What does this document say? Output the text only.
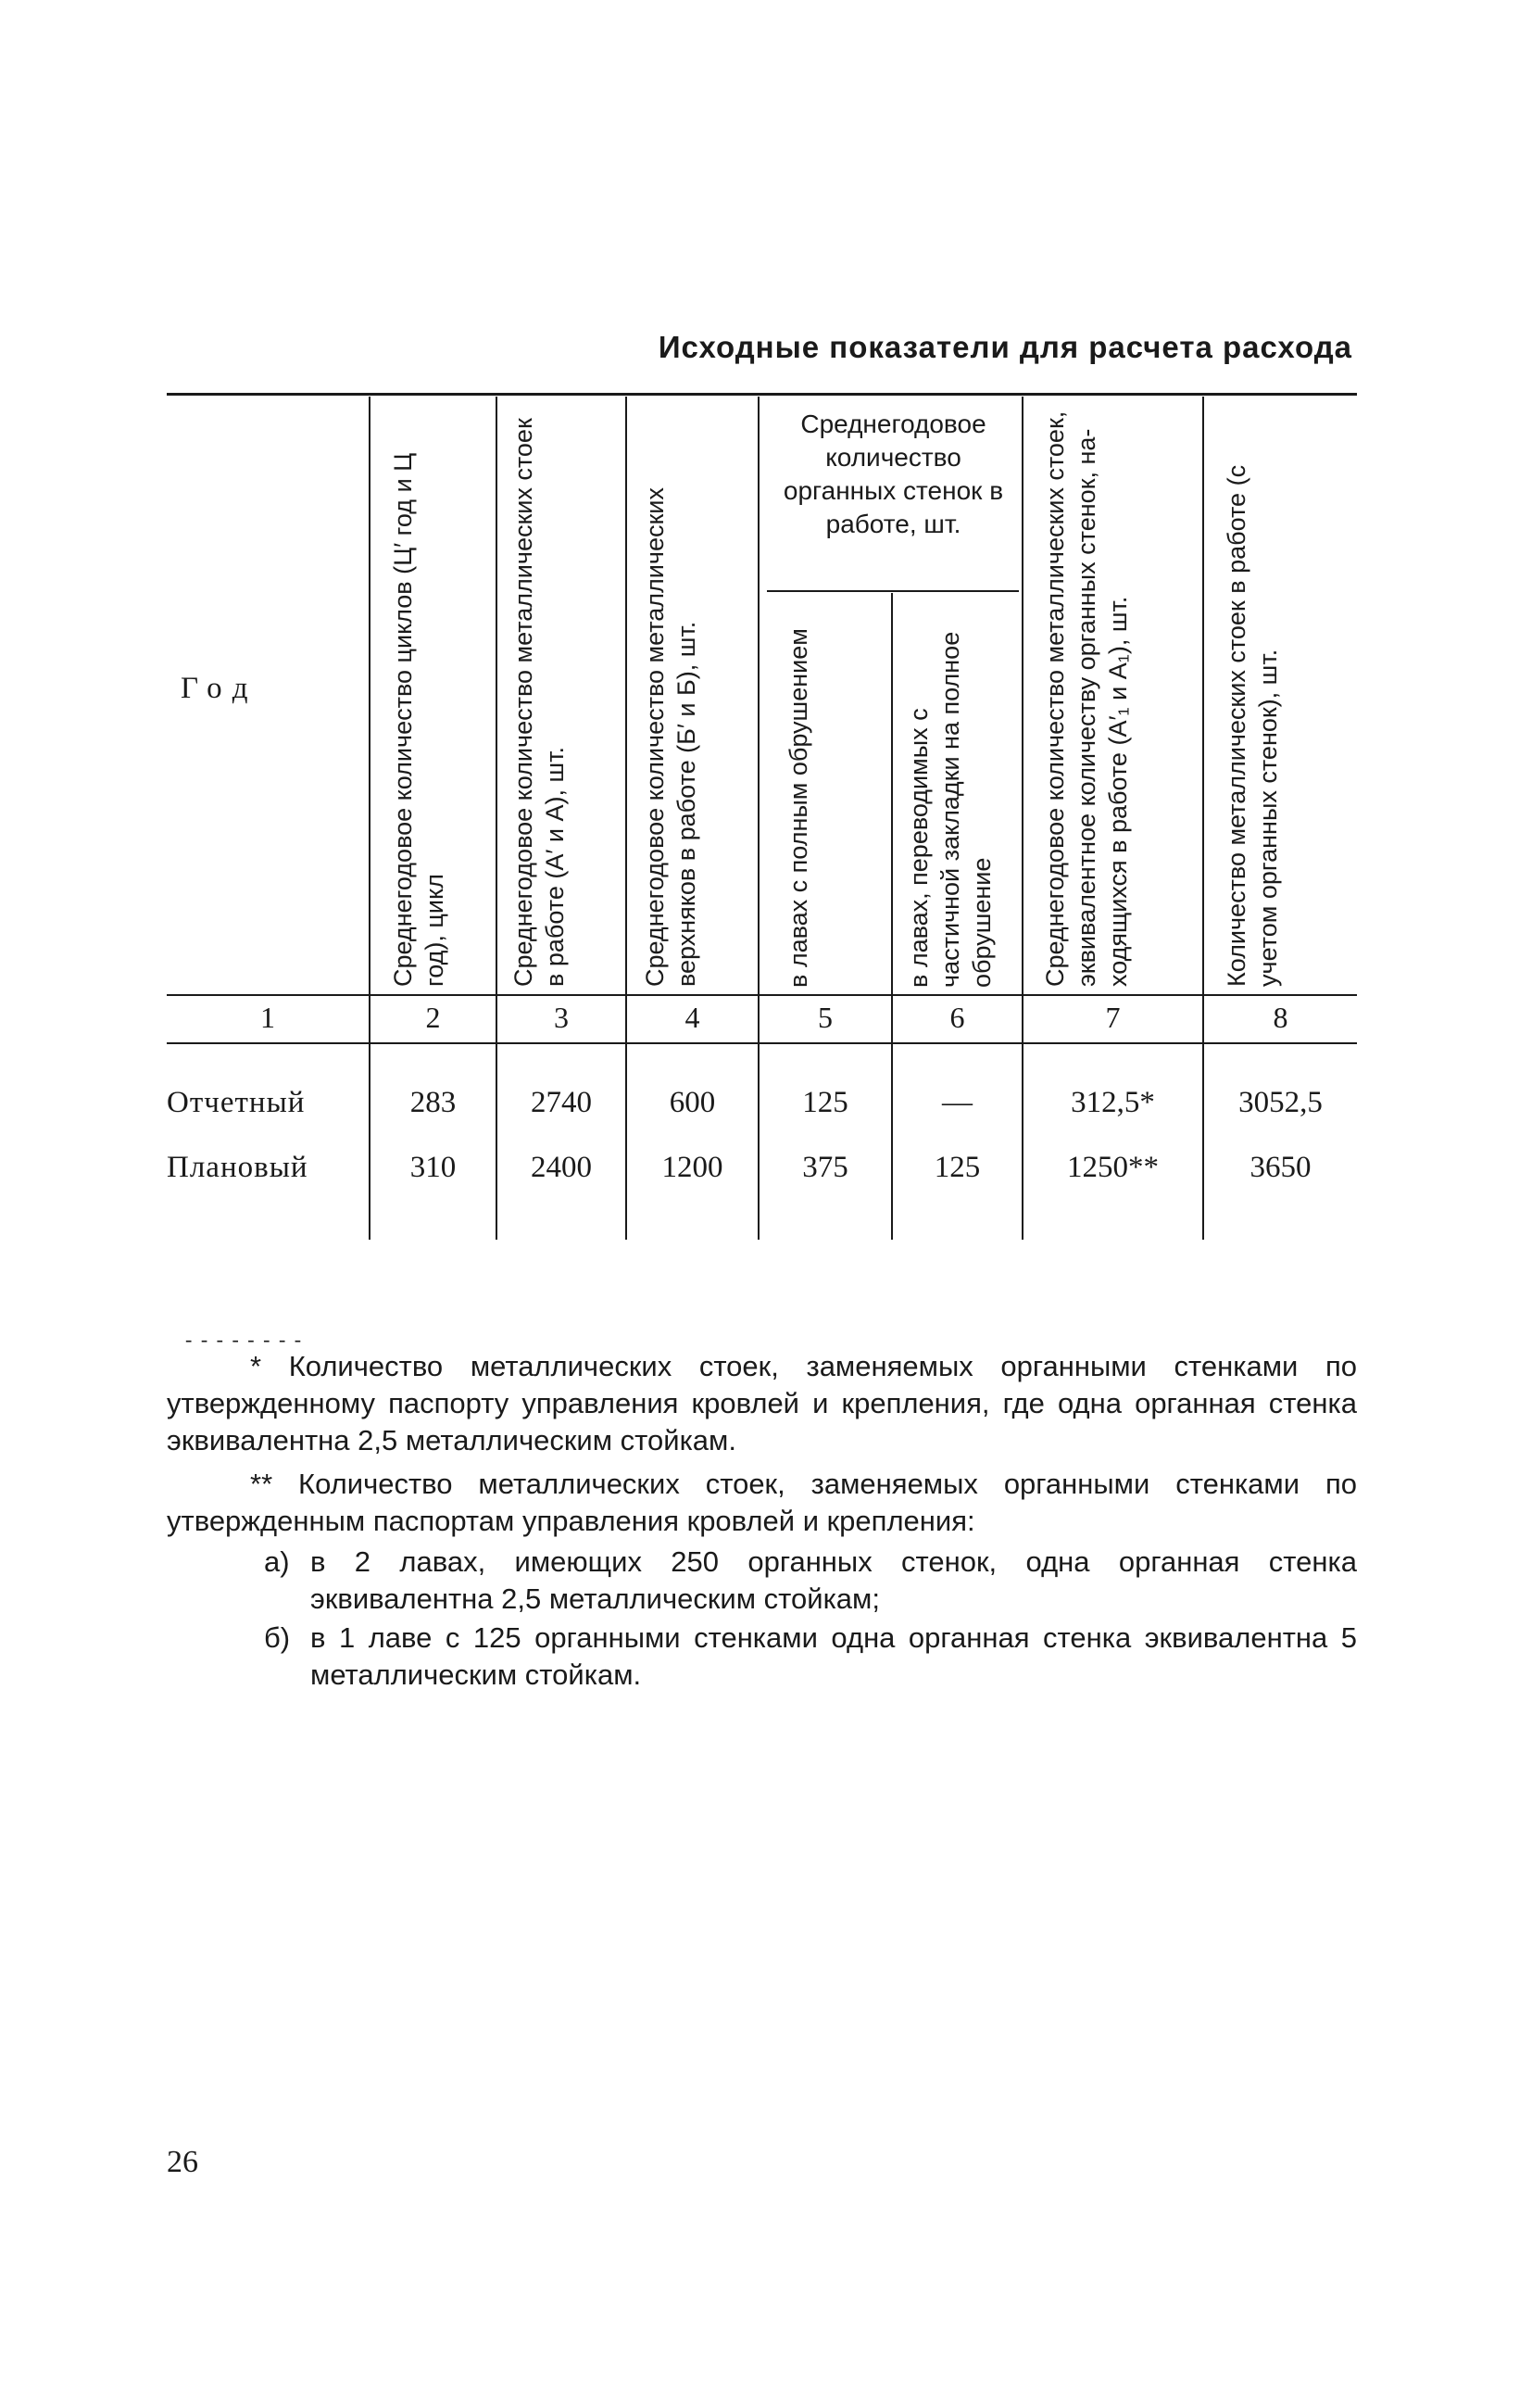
Исходные показатели для расчета расхода
Год	Среднегодовое количество циклов (Ц′ год и Ц год), цикл	Среднегодовое количество металлических стоек в работе (А′ и А), шт.	Среднегодовое количество металлических верхняков в работе (Б′ и Б), шт.
Среднегодовое количество органных стенок в работе, шт.
в лавах с полным обрушением	в лавах, переводимых с частичной закладки на полное обрушение	Среднегодовое количество металлических стоек, эквивалентное количеству органных стенок, находящихся в работе (А′₁ и А₁), шт.	Количество металлических стоек в работе (с учетом органных стенок), шт.
1	2	3	4	5	6	7	8
Отчетный	283	2740	600	125	—	312,5*	3052,5
Плановый	310	2400	1200	375	125	1250**	3650
- - - - - - - -
* Количество металлических стоек, заменяемых органными стенками по утвержденному паспорту управления кровлей и крепления, где одна органная стенка эквивалентна 2,5 металлическим стойкам.
** Количество металлических стоек, заменяемых органными стенками по утвержденным паспортам управления кровлей и крепления:
а) в 2 лавах, имеющих 250 органных стенок, одна органная стенка эквивалентна 2,5 металлическим стойкам;
б) в 1 лаве с 125 органными стенками одна органная стенка эквивалентна 5 металлическим стойкам.
26
